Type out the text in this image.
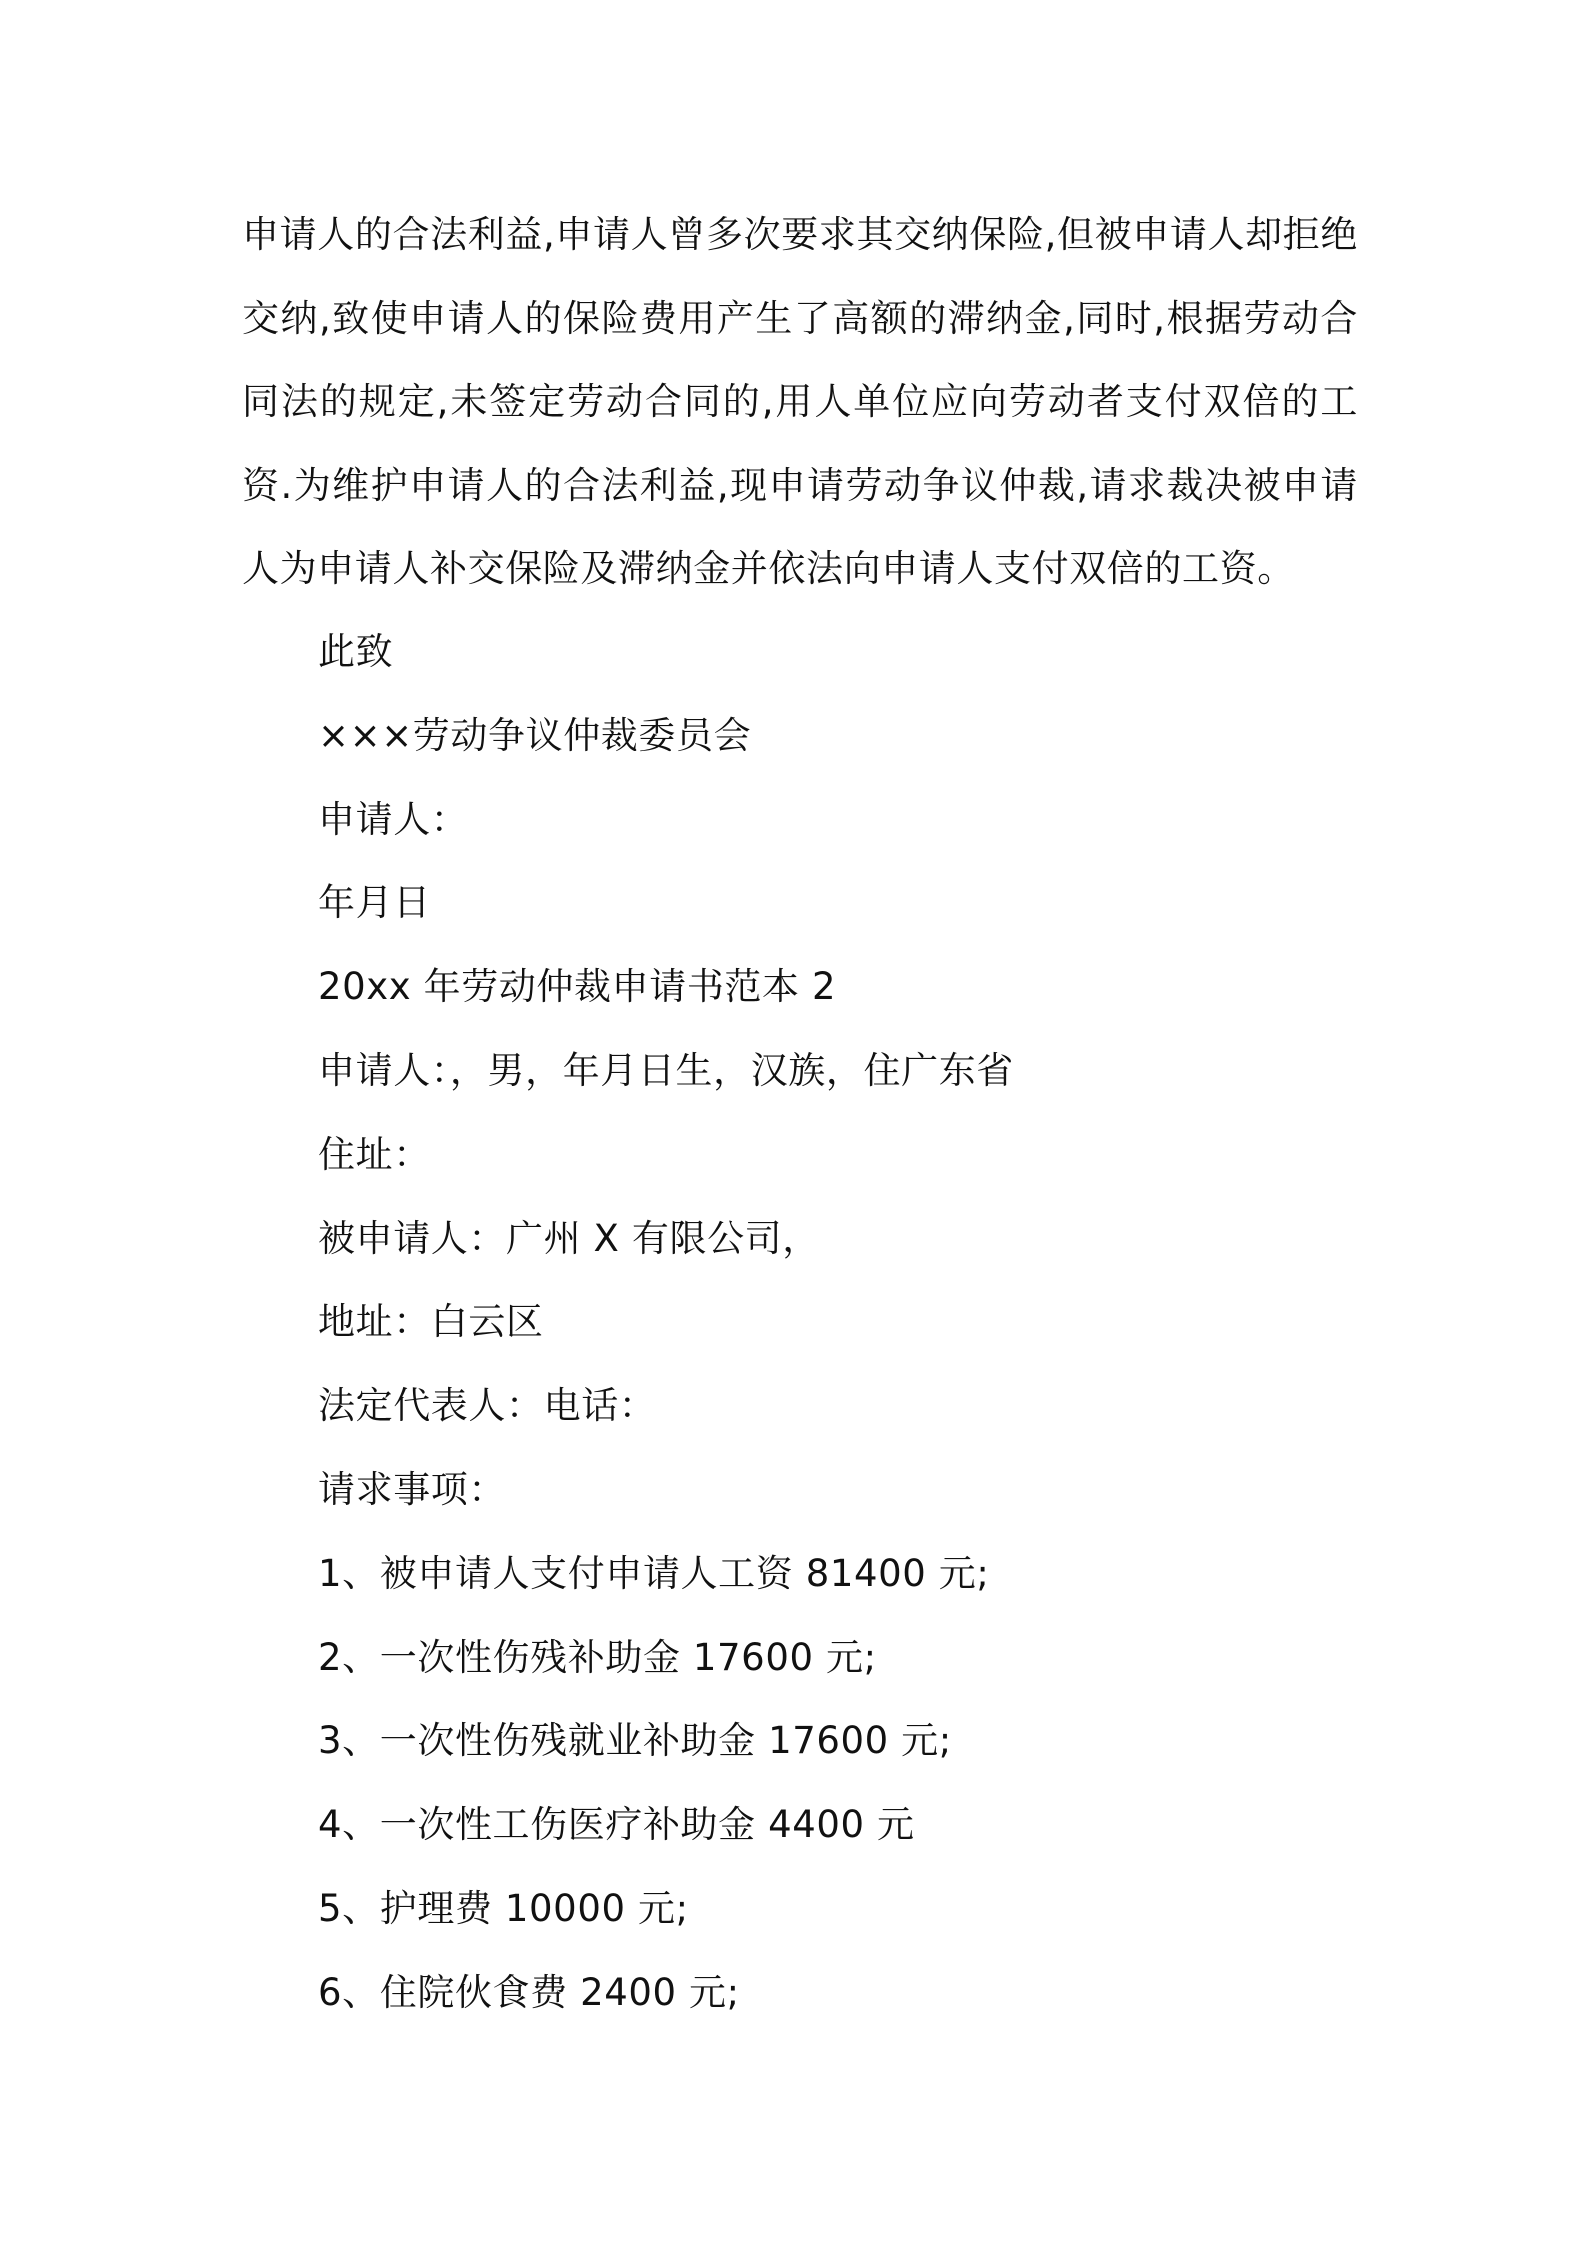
申请人的合法利益,申请人曾多次要求其交纳保险,但被申请人却拒绝交纳,致使申请人的保险费用产生了高额的滞纳金,同时,根据劳动合同法的规定,未签定劳动合同的,用人单位应向劳动者支付双倍的工资.为维护申请人的合法利益,现申请劳动争议仲裁,请求裁决被申请人为申请人补交保险及滞纳金并依法向申请人支付双倍的工资。

此致
×××劳动争议仲裁委员会
申请人：
年月日
20xx 年劳动仲裁申请书范本 2
申请人：，男，年月日生，汉族，住广东省
住址：
被申请人：广州 X 有限公司，
地址：白云区
法定代表人：电话：
请求事项：
1、被申请人支付申请人工资 81400 元;
2、一次性伤残补助金 17600 元;
3、一次性伤残就业补助金 17600 元;
4、一次性工伤医疗补助金 4400 元
5、护理费 10000 元;
6、住院伙食费 2400 元;
